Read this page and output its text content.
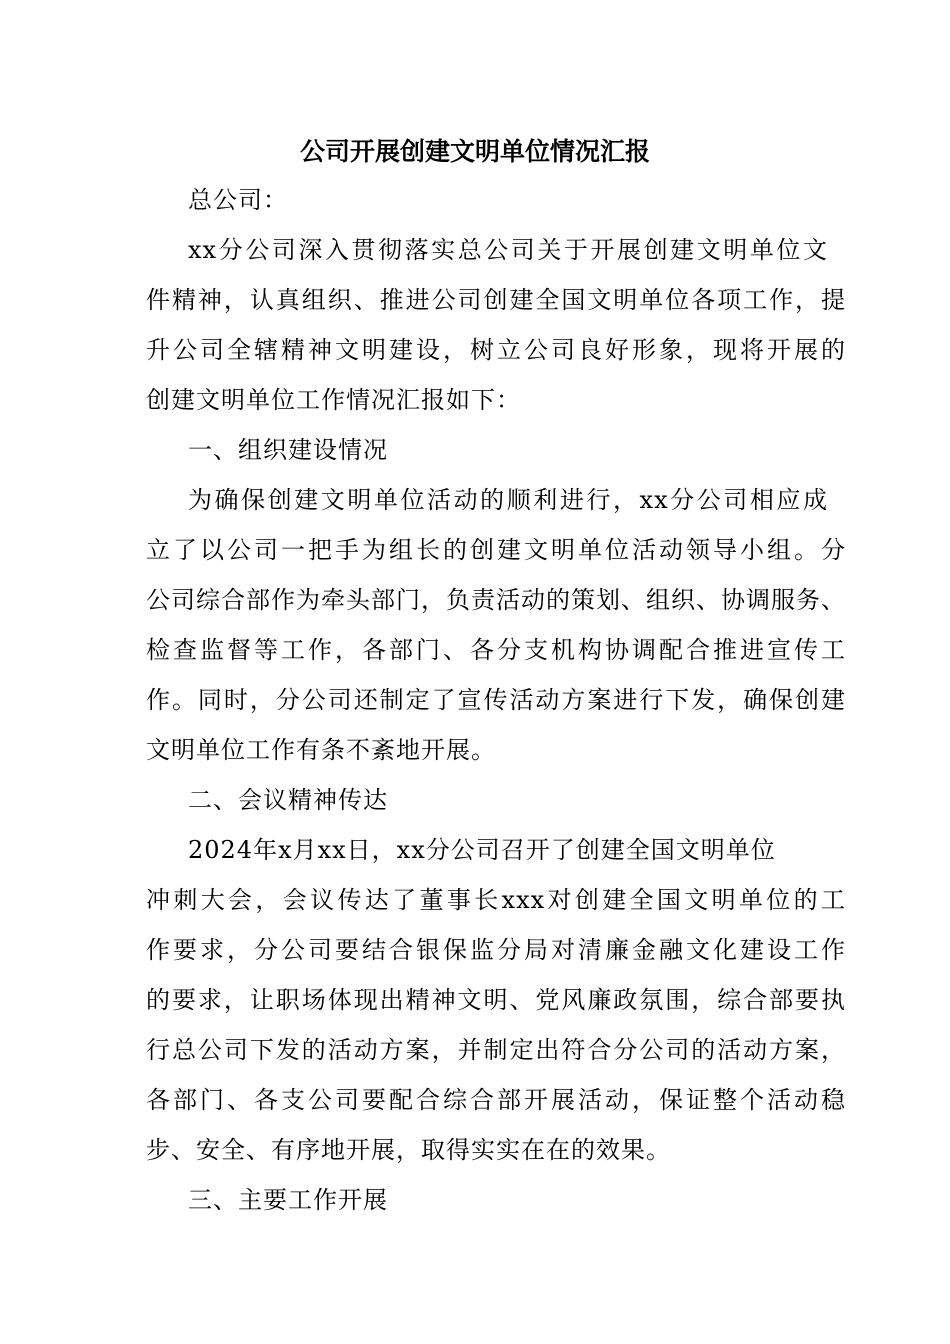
公司开展创建文明单位情况汇报

总公司：

xx分公司深入贯彻落实总公司关于开展创建文明单位文

件精神，认真组织、推进公司创建全国文明单位各项工作，提

升公司全辖精神文明建设，树立公司良好形象，现将开展的

创建文明单位工作情况汇报如下：

一、组织建设情况

为确保创建文明单位活动的顺利进行，xx分公司相应成

立了以公司一把手为组长的创建文明单位活动领导小组。分

公司综合部作为牵头部门，负责活动的策划、组织、协调服务、

检查监督等工作，各部门、各分支机构协调配合推进宣传工

作。同时，分公司还制定了宣传活动方案进行下发，确保创建

文明单位工作有条不紊地开展。

二、会议精神传达

2024年x月xx日，xx分公司召开了创建全国文明单位

冲刺大会，会议传达了董事长xxx对创建全国文明单位的工

作要求，分公司要结合银保监分局对清廉金融文化建设工作

的要求，让职场体现出精神文明、党风廉政氛围，综合部要执

行总公司下发的活动方案，并制定出符合分公司的活动方案，

各部门、各支公司要配合综合部开展活动，保证整个活动稳

步、安全、有序地开展，取得实实在在的效果。

三、主要工作开展
